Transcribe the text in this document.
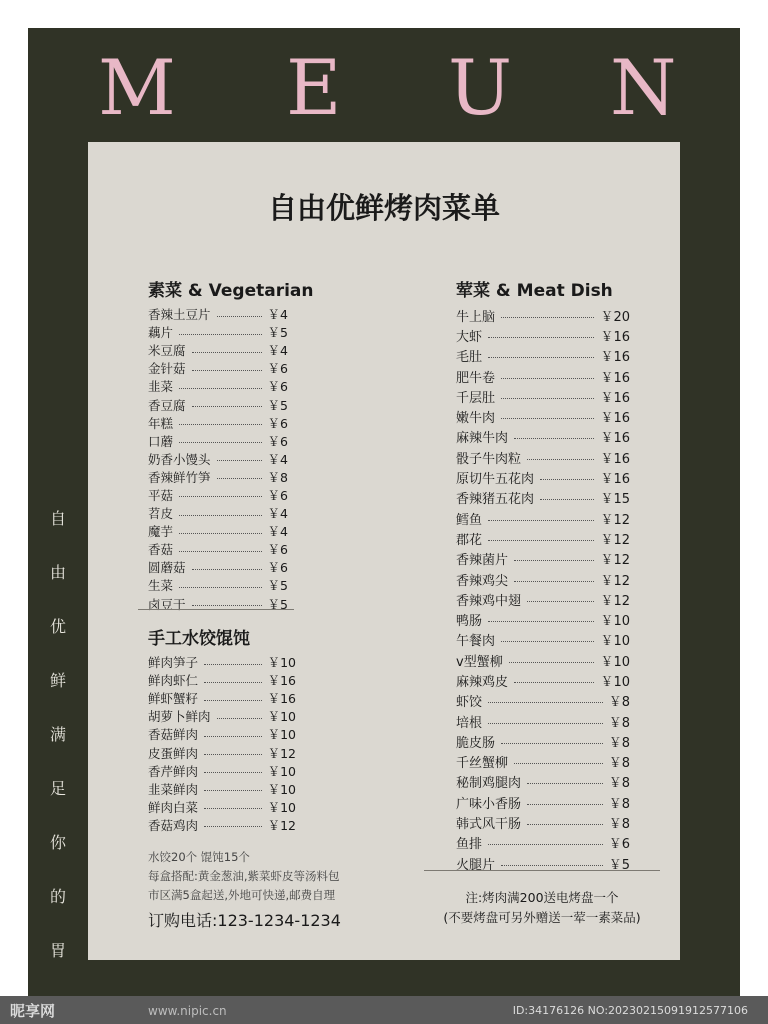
M E U N
自
由
优
鲜
满
足
你
的
胃
自由优鲜烤肉菜单
素菜 & Vegetarian
香辣土豆片	￥4
藕片	￥5
米豆腐	￥4
金针菇	￥6
韭菜	￥6
香豆腐	￥5
年糕	￥6
口蘑	￥6
奶香小馒头	￥4
香辣鲜竹笋	￥8
平菇	￥6
苕皮	￥4
魔芋	￥4
香菇	￥6
圆蘑菇	￥6
生菜	￥5
卤豆干	￥5
手工水饺馄饨
鲜肉笋子	￥10
鲜肉虾仁	￥16
鲜虾蟹籽	￥16
胡萝卜鲜肉	￥10
香菇鲜肉	￥10
皮蛋鲜肉	￥12
香芹鲜肉	￥10
韭菜鲜肉	￥10
鲜肉白菜	￥10
香菇鸡肉	￥12
水饺20个 馄饨15个
每盒搭配:黄金葱油,紫菜虾皮等汤料包
市区满5盒起送,外地可快递,邮费自理
订购电话:123-1234-1234
荤菜 & Meat Dish
牛上脑	￥20
大虾	￥16
毛肚	￥16
肥牛卷	￥16
千层肚	￥16
嫩牛肉	￥16
麻辣牛肉	￥16
骰子牛肉粒	￥16
原切牛五花肉	￥16
香辣猪五花肉	￥15
鳕鱼	￥12
郡花	￥12
香辣菌片	￥12
香辣鸡尖	￥12
香辣鸡中翅	￥12
鸭肠	￥10
午餐肉	￥10
v型蟹柳	￥10
麻辣鸡皮	￥10
虾饺	￥8
培根	￥8
脆皮肠	￥8
千丝蟹柳	￥8
秘制鸡腿肉	￥8
广味小香肠	￥8
韩式风干肠	￥8
鱼排	￥6
火腿片	￥5
注:烤肉满200送电烤盘一个
(不要烤盘可另外赠送一荤一素菜品)
昵享网	www.nipic.cn	ID:34176126 NO:20230215091912577106
